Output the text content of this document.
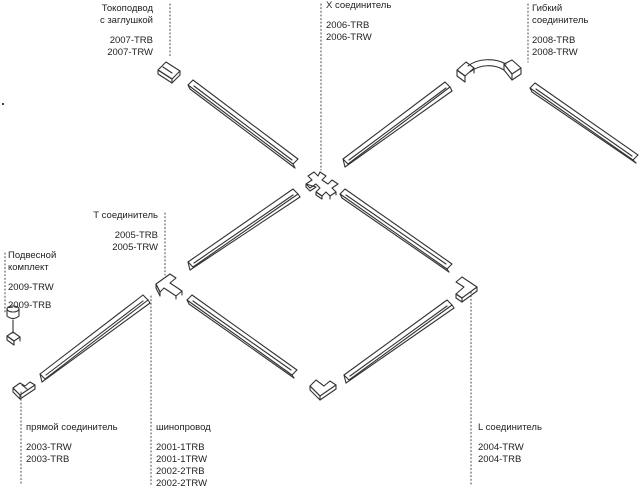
Токоподвод
с заглушкой
2007-TRB
2007-TRW
Х соединитель
2006-TRB
2006-TRW
Гибкий
соединитель
2008-TRB
2008-TRW
Т соединитель
2005-TRB
2005-TRW
Подвесной
комплект
2009-TRW
2009-TRB
прямой соединитель
2003-TRW
2003-TRB
шинопровод
2001-1TRB
2001-1TRW
2002-2TRB
2002-2TRW
L соединитель
2004-TRW
2004-TRB
